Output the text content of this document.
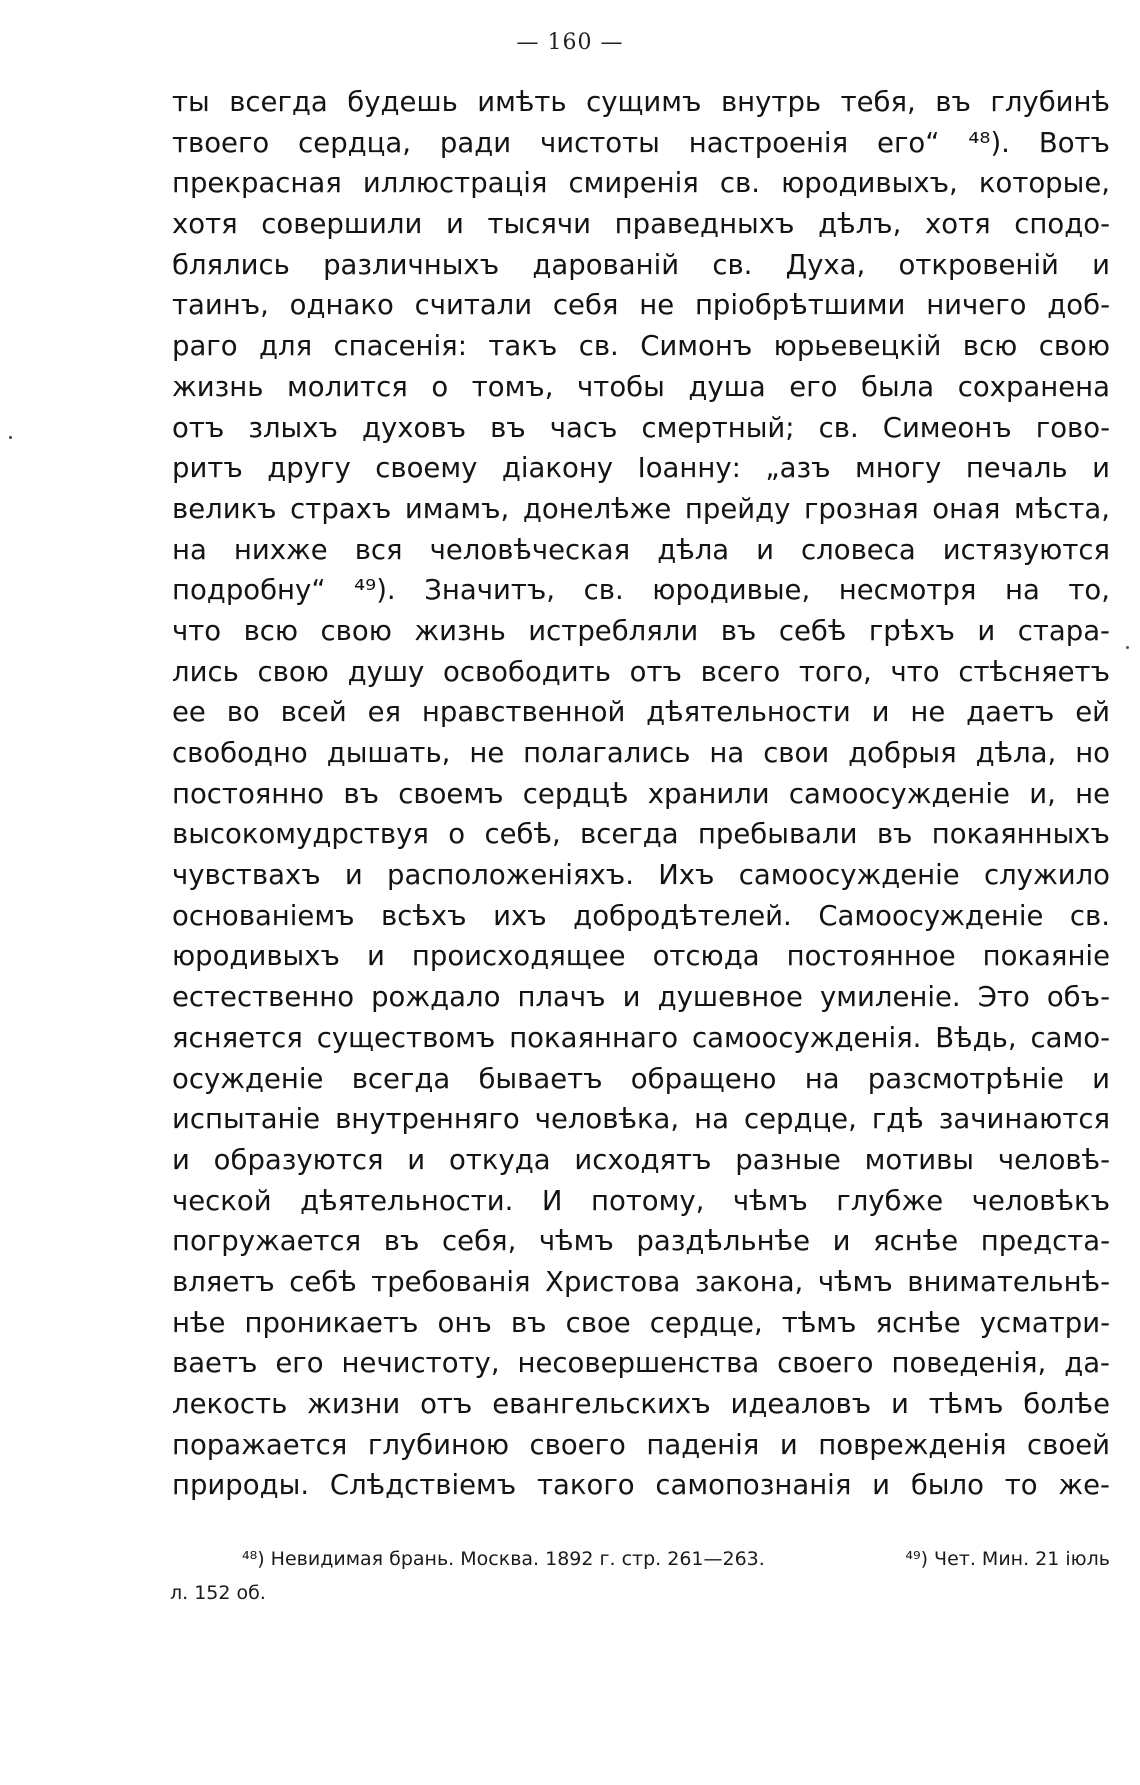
— 160 —
ты всегда будешь имѣть сущимъ внутрь тебя, въ глубинѣ
твоего сердца, ради чистоты настроенія его“ ⁴⁸). Вотъ
прекрасная иллюстрація смиренія св. юродивыхъ, которые,
хотя совершили и тысячи праведныхъ дѣлъ, хотя сподо-
блялись различныхъ дарованій св. Духа, откровеній и
таинъ, однако считали себя не пріобрѣтшими ничего доб-
раго для спасенія: такъ св. Симонъ юрьевецкій всю свою
жизнь молится о томъ, чтобы душа его была сохранена
отъ злыхъ духовъ въ часъ смертный; св. Симеонъ гово-
ритъ другу своему діакону Іоанну: „азъ многу печаль и
великъ страхъ имамъ, донелѣже прейду грозная оная мѣста,
на нихже вся человѣческая дѣла и словеса истязуются
подробну“ ⁴⁹). Значитъ, св. юродивые, несмотря на то,
что всю свою жизнь истребляли въ себѣ грѣхъ и стара-
лись свою душу освободить отъ всего того, что стѣсняетъ
ее во всей ея нравственной дѣятельности и не даетъ ей
свободно дышать, не полагались на свои добрыя дѣла, но
постоянно въ своемъ сердцѣ хранили самоосужденіе и, не
высокомудрствуя о себѣ, всегда пребывали въ покаянныхъ
чувствахъ и расположеніяхъ. Ихъ самоосужденіе служило
основаніемъ всѣхъ ихъ добродѣтелей. Самоосужденіе св.
юродивыхъ и происходящее отсюда постоянное покаяніе
естественно рождало плачъ и душевное умиленіе. Это объ-
ясняется существомъ покаяннаго самоосужденія. Вѣдь, само-
осужденіе всегда бываетъ обращено на разсмотрѣніе и
испытаніе внутренняго человѣка, на сердце, гдѣ зачинаются
и образуются и откуда исходятъ разные мотивы человѣ-
ческой дѣятельности. И потому, чѣмъ глубже человѣкъ
погружается въ себя, чѣмъ раздѣльнѣе и яснѣе предста-
вляетъ себѣ требованія Христова закона, чѣмъ внимательнѣ-
нѣе проникаетъ онъ въ свое сердце, тѣмъ яснѣе усматри-
ваетъ его нечистоту, несовершенства своего поведенія, да-
лекость жизни отъ евангельскихъ идеаловъ и тѣмъ болѣе
поражается глубиною своего паденія и поврежденія своей
природы. Слѣдствіемъ такого самопознанія и было то же-
⁴⁸) Невидимая брань. Москва. 1892 г. стр. 261—263.	⁴⁹) Чет. Мин. 21 іюль
л. 152 об.
